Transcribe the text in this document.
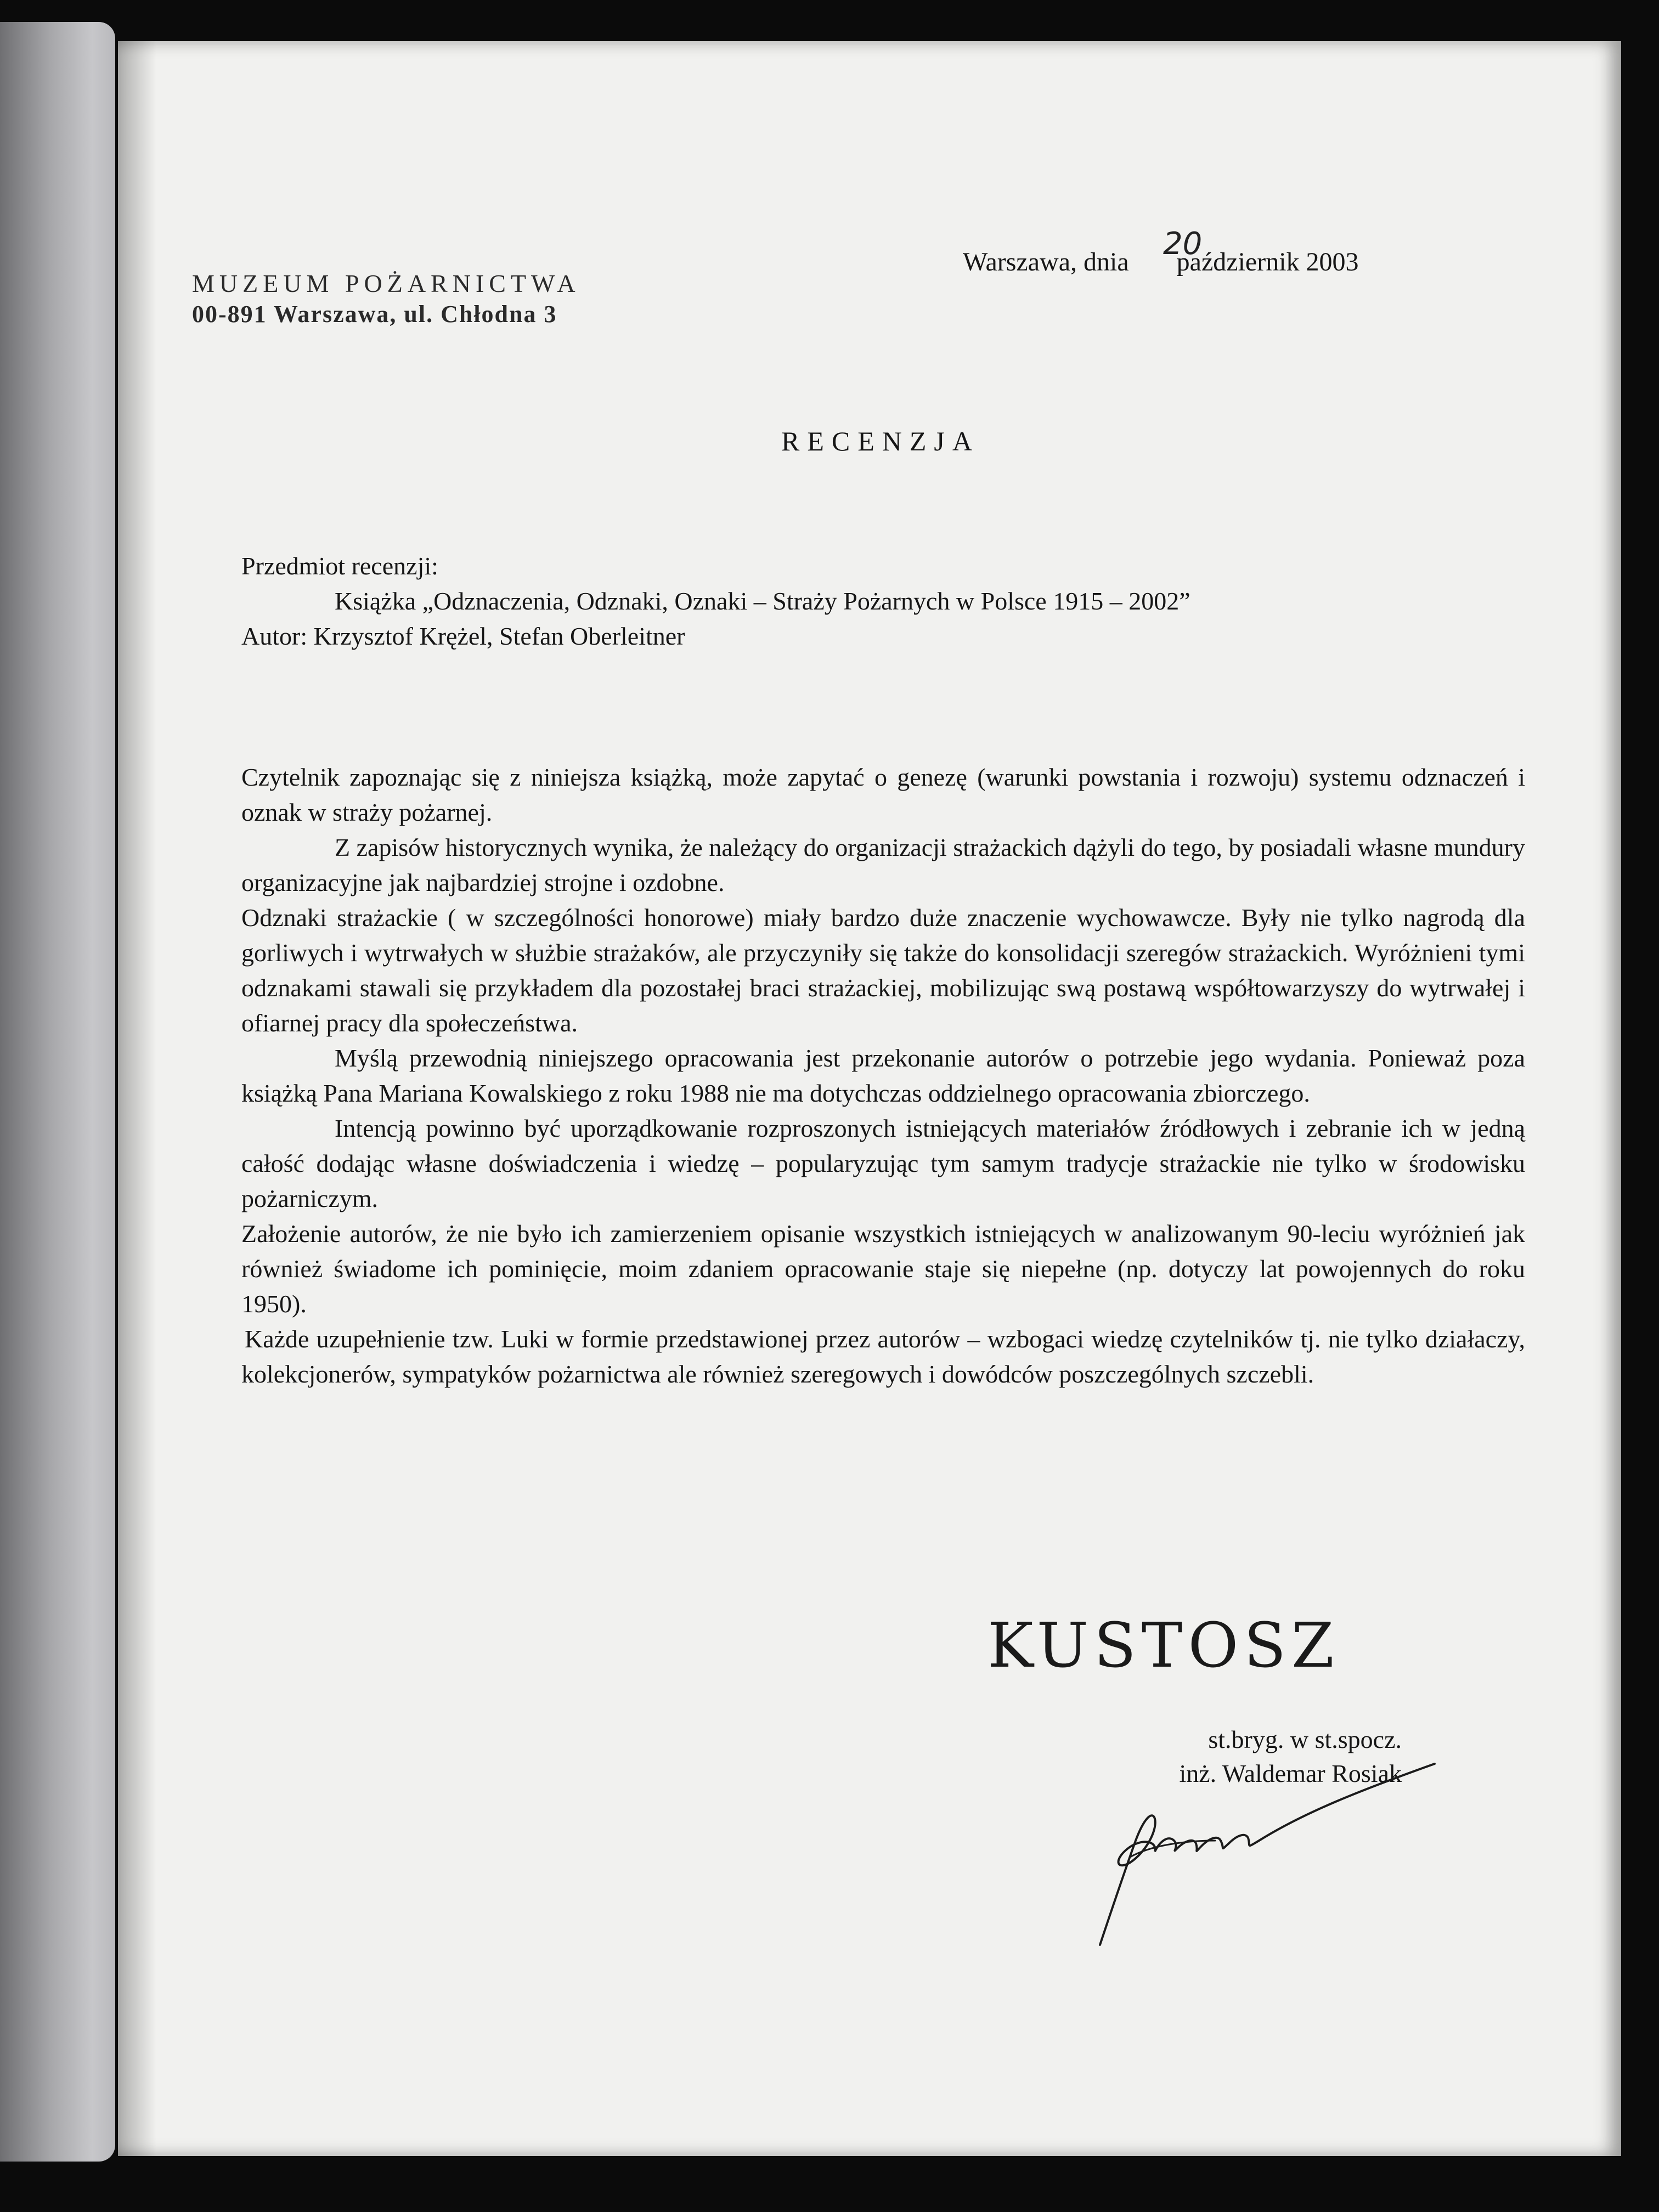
MUZEUM POŻARNICTWA
00-891 Warszawa, ul. Chłodna 3
Warszawa, dnia
20
październik 2003
RECENZJA
Przedmiot recenzji:
Książka „Odznaczenia, Odznaki, Oznaki – Straży Pożarnych w Polsce 1915 – 2002”
Autor: Krzysztof Krężel, Stefan Oberleitner

Czytelnik zapoznając się z niniejsza książką, może zapytać o genezę (warunki powstania i rozwoju) systemu odznaczeń i oznak w straży pożarnej.

Z zapisów historycznych wynika, że należący do organizacji strażackich dążyli do tego, by posiadali własne mundury organizacyjne jak najbardziej strojne i ozdobne.

Odznaki strażackie ( w szczególności honorowe) miały bardzo duże znaczenie wychowawcze. Były nie tylko nagrodą dla gorliwych i wytrwałych w służbie strażaków, ale przyczyniły się także do konsolidacji szeregów strażackich. Wyróżnieni tymi odznakami stawali się przykładem dla pozostałej braci strażackiej, mobilizując swą postawą współtowarzyszy do wytrwałej i ofiarnej pracy dla społeczeństwa.

Myślą przewodnią niniejszego opracowania jest przekonanie autorów o potrzebie jego wydania. Ponieważ poza książką Pana Mariana Kowalskiego z roku 1988 nie ma dotychczas oddzielnego opracowania zbiorczego.

Intencją powinno być uporządkowanie rozproszonych istniejących materiałów źródłowych i zebranie ich w jedną całość dodając własne doświadczenia i wiedzę – popularyzując tym samym tradycje strażackie nie tylko w środowisku pożarniczym.

Założenie autorów, że nie było ich zamierzeniem opisanie wszystkich istniejących w analizowanym 90-leciu wyróżnień jak również świadome ich pominięcie, moim zdaniem opracowanie staje się niepełne (np. dotyczy lat powojennych do roku 1950).

Każde uzupełnienie tzw. Luki w formie przedstawionej przez autorów – wzbogaci wiedzę czytelników tj. nie tylko działaczy, kolekcjonerów, sympatyków pożarnictwa ale również szeregowych i dowódców poszczególnych szczebli.

KUSTOSZ
st.bryg. w st.spocz.
inż. Waldemar Rosiak
